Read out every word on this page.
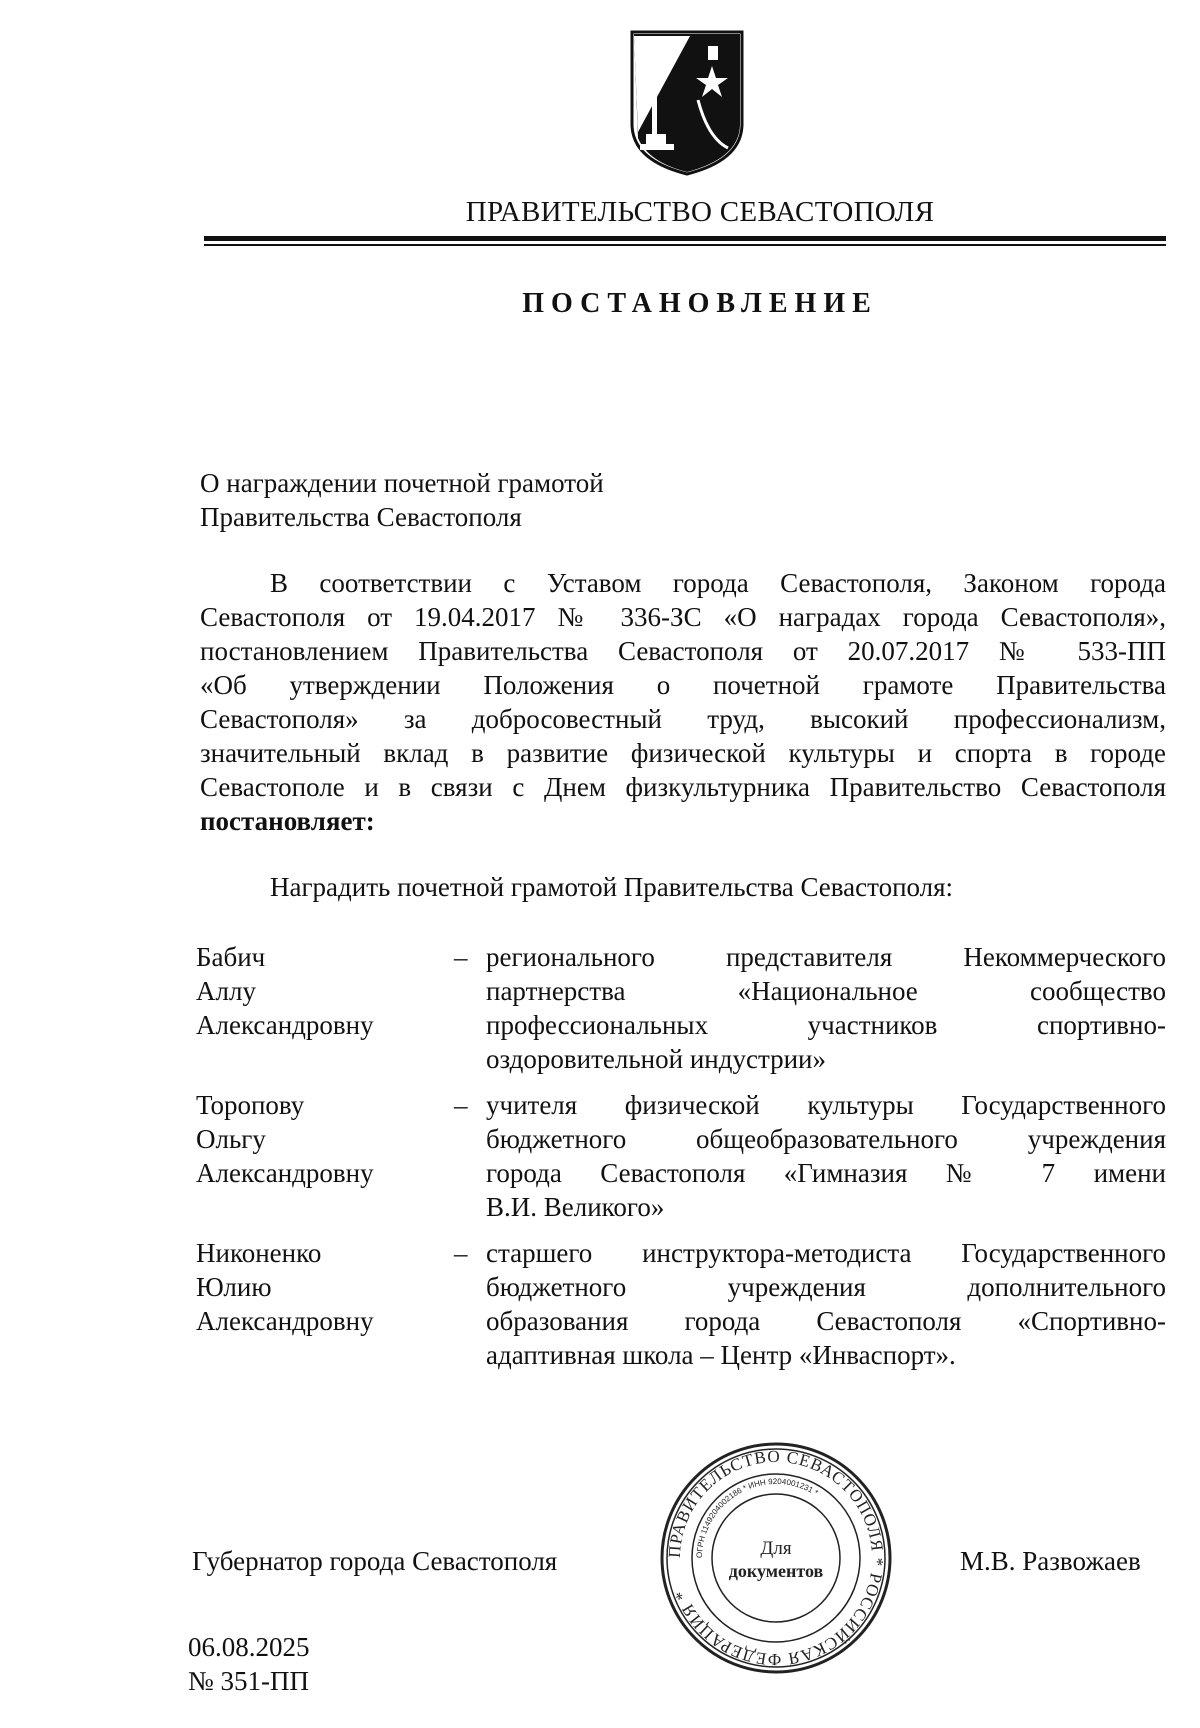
ПРАВИТЕЛЬСТВО СЕВАСТОПОЛЯ
ПОСТАНОВЛЕНИЕ
О награждении почетной грамотой
Правительства Севастополя
В соответствии с Уставом города Севастополя, Законом города
Севастополя от 19.04.2017 № 336-ЗС «О наградах города Севастополя»,
постановлением Правительства Севастополя от 20.07.2017 № 533-ПП
«Об утверждении Положения о почетной грамоте Правительства
Севастополя» за добросовестный труд, высокий профессионализм,
значительный вклад в развитие физической культуры и спорта в городе
Севастополе и в связи с Днем физкультурника Правительство Севастополя
постановляет:
Наградить почетной грамотой Правительства Севастополя:
Бабич
Аллу
Александровну
– регионального представителя Некоммерческого
партнерства «Национальное сообщество
профессиональных участников спортивно-
оздоровительной индустрии»
Торопову
Ольгу
Александровну
– учителя физической культуры Государственного
бюджетного общеобразовательного учреждения
города Севастополя «Гимназия № 7 имени
В.И. Великого»
Никоненко
Юлию
Александровну
– старшего инструктора-методиста Государственного
бюджетного учреждения дополнительного
образования города Севастополя «Спортивно-
адаптивная школа – Центр «Инваспорт».
Губернатор города Севастополя	ПРАВИТЕЛЬСТВО СЕВАСТОПОЛЯ * РОССИЙСКАЯ ФЕДЕРАЦИЯ *
ОГРН 1149204002186 * ИНН 9204001231 *
Для
документов	М.В. Развожаев
06.08.2025
№ 351-ПП
